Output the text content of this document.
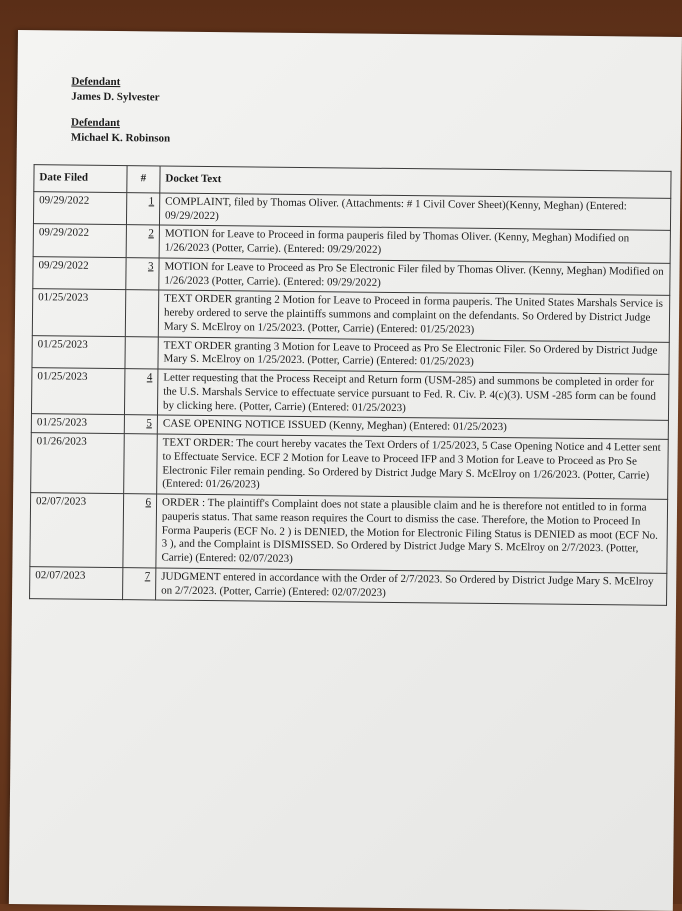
Defendant
James D. Sylvester
Defendant
Michael K. Robinson
Date Filed	#	Docket Text
09/29/2022	1	COMPLAINT, filed by Thomas Oliver. (Attachments: # 1 Civil Cover Sheet)(Kenny, Meghan) (Entered: 09/29/2022)
09/29/2022	2	MOTION for Leave to Proceed in forma pauperis filed by Thomas Oliver. (Kenny, Meghan) Modified on 1/26/2023 (Potter, Carrie). (Entered: 09/29/2022)
09/29/2022	3	MOTION for Leave to Proceed as Pro Se Electronic Filer filed by Thomas Oliver. (Kenny, Meghan) Modified on 1/26/2023 (Potter, Carrie). (Entered: 09/29/2022)
01/25/2023		TEXT ORDER granting 2 Motion for Leave to Proceed in forma pauperis. The United States Marshals Service is hereby ordered to serve the plaintiffs summons and complaint on the defendants. So Ordered by District Judge Mary S. McElroy on 1/25/2023. (Potter, Carrie) (Entered: 01/25/2023)
01/25/2023		TEXT ORDER granting 3 Motion for Leave to Proceed as Pro Se Electronic Filer. So Ordered by District Judge Mary S. McElroy on 1/25/2023. (Potter, Carrie) (Entered: 01/25/2023)
01/25/2023	4	Letter requesting that the Process Receipt and Return form (USM-285) and summons be completed in order for the U.S. Marshals Service to effectuate service pursuant to Fed. R. Civ. P. 4(c)(3). USM -285 form can be found by clicking here. (Potter, Carrie) (Entered: 01/25/2023)
01/25/2023	5	CASE OPENING NOTICE ISSUED (Kenny, Meghan) (Entered: 01/25/2023)
01/26/2023		TEXT ORDER: The court hereby vacates the Text Orders of 1/25/2023, 5 Case Opening Notice and 4 Letter sent to Effectuate Service. ECF 2 Motion for Leave to Proceed IFP and 3 Motion for Leave to Proceed as Pro Se Electronic Filer remain pending. So Ordered by District Judge Mary S. McElroy on 1/26/2023. (Potter, Carrie) (Entered: 01/26/2023)
02/07/2023	6	ORDER : The plaintiff's Complaint does not state a plausible claim and he is therefore not entitled to in forma pauperis status. That same reason requires the Court to dismiss the case. Therefore, the Motion to Proceed In Forma Pauperis (ECF No. 2 ) is DENIED, the Motion for Electronic Filing Status is DENIED as moot (ECF No. 3 ), and the Complaint is DISMISSED. So Ordered by District Judge Mary S. McElroy on 2/7/2023. (Potter, Carrie) (Entered: 02/07/2023)
02/07/2023	7	JUDGMENT entered in accordance with the Order of 2/7/2023. So Ordered by District Judge Mary S. McElroy on 2/7/2023. (Potter, Carrie) (Entered: 02/07/2023)
